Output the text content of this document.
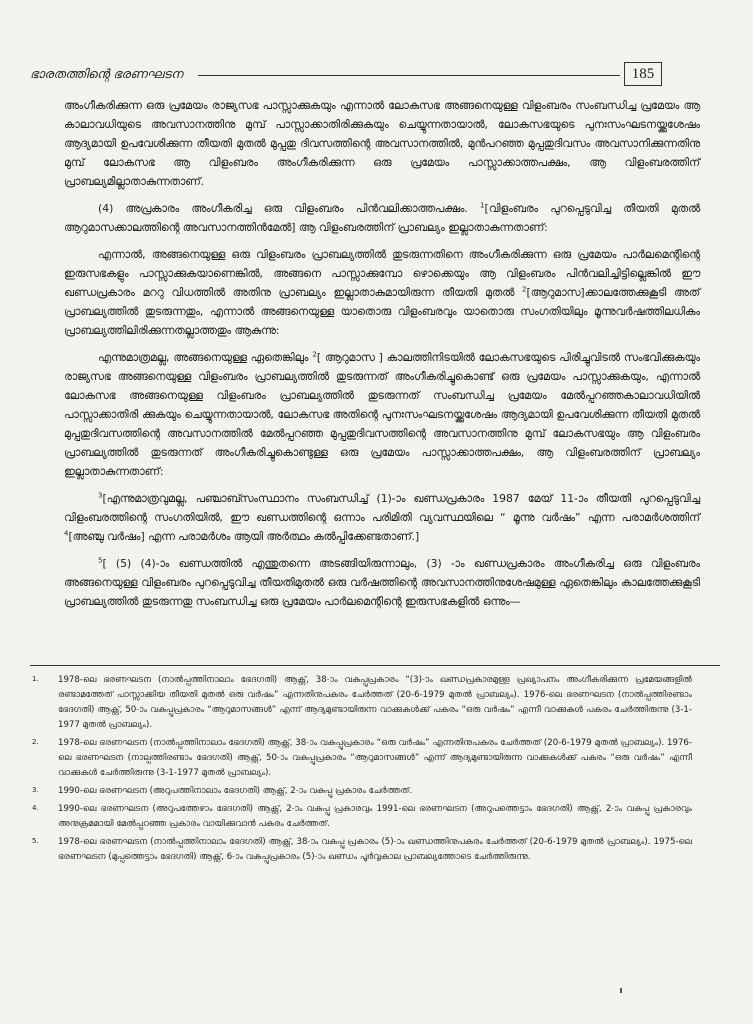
ഭാരതത്തിന്റെ ഭരണഘടന	185

അംഗീകരിക്കുന്ന ഒരു പ്രമേയം രാജ്യസഭ പാസ്സാക്കുകയും എന്നാൽ ലോകസഭ അങ്ങനെയുള്ള വിളംബരം സംബന്ധിച്ച പ്രമേയം ആ കാലാവധിയുടെ അവസാനത്തിനു മുമ്പ് പാസ്സാക്കാതിരിക്കുകയും ചെയ്യുന്നതായാൽ, ലോകസഭയുടെ പുനഃസംഘടനയ്ക്കുശേഷം ആദ്യമായി ഉപവേശിക്കുന്ന തീയതി മുതൽ മുപ്പതു ദിവസത്തിന്റെ അവസാനത്തിൽ, മുൻപറഞ്ഞ മുപ്പതുദിവസം അവസാനിക്കുന്നതിനു മുമ്പ് ലോകസഭ ആ വിളംബരം അംഗീകരിക്കുന്ന ഒരു പ്രമേയം പാസ്സാക്കാത്തപക്ഷം, ആ വിളംബരത്തിന് പ്രാബല്യമില്ലാതാകുന്നതാണ്.

(4) അപ്രകാരം അംഗീകരിച്ച ഒരു വിളംബരം പിൻവലിക്കാത്തപക്ഷം. $^1$[വിളംബരം പുറപ്പെടുവിച്ച തീയതി മുതൽ ആറുമാസക്കാലത്തിന്റെ അവസാനത്തിൻമേൽ] ആ വിളംബരത്തിന് പ്രാബല്യം ഇല്ലാതാകുന്നതാണ്:

എന്നാൽ, അങ്ങനെയുള്ള ഒരു വിളംബരം പ്രാബല്യത്തിൽ തുടരുന്നതിനെ അംഗീകരിക്കുന്ന ഒരു പ്രമേയം പാർലമെന്റിന്റെ ഇരുസഭകളും പാസ്സാക്കുകയാണെങ്കിൽ, അങ്ങനെ പാസ്സാക്കുമ്പോ ഴൊക്കെയും ആ വിളംബരം പിൻവലിച്ചിട്ടില്ലെങ്കിൽ ഈ ഖണ്ഡപ്രകാരം മററു വിധത്തിൽ അതിനു പ്രാബല്യം ഇല്ലാതാകുമായിരുന്ന തീയതി മുതൽ $^2$[ആറുമാസ]ക്കാലത്തേക്കുകൂടി അത് പ്രാബല്യത്തിൽ തുടരുന്നതും, എന്നാൽ അങ്ങനെയുള്ള യാതൊരു വിളംബരവും യാതൊരു സംഗതിയിലും മൂന്നുവർഷത്തിലധികം പ്രാബല്യത്തിലിരിക്കുന്നതല്ലാത്തതും ആകുന്നു:

എന്നുമാത്രമല്ല, അങ്ങനെയുള്ള ഏതെങ്കിലും $^2$[ ആറുമാസ ] കാലത്തിനിടയിൽ ലോകസഭയുടെ പിരിച്ചുവിടൽ സംഭവിക്കുകയും രാജ്യസഭ അങ്ങനെയുള്ള വിളംബരം പ്രാബല്യത്തിൽ തുടരുന്നത് അംഗീകരിച്ചുകൊണ്ട് ഒരു പ്രമേയം പാസ്സാക്കുകയും, എന്നാൽ ലോകസഭ അങ്ങനെയുള്ള വിളംബരം പ്രാബല്യത്തിൽ തുടരുന്നത് സംബന്ധിച്ച പ്രമേയം മേൽപ്പറഞ്ഞകാലാവധിയിൽ പാസ്സാക്കാതിരി ക്കുകയും ചെയ്യുന്നതായാൽ, ലോകസഭ അതിന്റെ പുനഃസംഘടനയ്ക്കുശേഷം ആദ്യമായി ഉപവേശിക്കുന്ന തീയതി മുതൽ മുപ്പതുദിവസത്തിന്റെ അവസാനത്തിൽ മേൽപ്പറഞ്ഞ മുപ്പതുദിവസത്തിന്റെ അവസാനത്തിനു മുമ്പ് ലോകസഭയും ആ വിളംബരം പ്രാബല്യത്തിൽ തുടരുന്നത് അംഗീകരിച്ചുകൊണ്ടുള്ള ഒരു പ്രമേയം പാസ്സാക്കാത്തപക്ഷം, ആ വിളംബരത്തിന് പ്രാബല്യം ഇല്ലാതാകുന്നതാണ്:

$^3$[എന്നുമാത്രവുമല്ല, പഞ്ചാബ്സംസ്ഥാനം സംബന്ധിച്ച് (1)-ാം ഖണ്ഡപ്രകാരം 1987 മേയ് 11-ാം തീയതി പുറപ്പെടുവിച്ച വിളംബരത്തിന്റെ സംഗതിയിൽ, ഈ ഖണ്ഡത്തിന്റെ ഒന്നാം പരിമിതി വ്യവസ്ഥയിലെ “ മൂന്നു വർഷം” എന്ന പരാമർശത്തിന് $^4$[അഞ്ചു വർഷം] എന്ന പരാമർശം ആയി അർത്ഥം കൽപ്പിക്കേണ്ടതാണ്.]

$^5$[ (5) (4)-ാം ഖണ്ഡത്തിൽ എന്തുതന്നെ അടങ്ങിയിരുന്നാലും, (3) -ാം ഖണ്ഡപ്രകാരം അംഗീകരിച്ച ഒരു വിളംബരം അങ്ങനെയുള്ള വിളംബരം പുറപ്പെടുവിച്ച തീയതിമുതൽ ഒരു വർഷത്തിന്റെ അവസാനത്തിനുശേഷമുള്ള ഏതെങ്കിലും കാലത്തേക്കുകൂടി പ്രാബല്യത്തിൽ തുടരുന്നതു സംബന്ധിച്ച ഒരു പ്രമേയം പാർലമെന്റിന്റെ ഇരുസഭകളിൽ ഒന്നും—

1.	1978-ലെ ഭരണഘടന (നാൽപ്പത്തിനാലാം ഭേദഗതി) ആക്റ്റ്, 38-ാം വകുപ്പുപ്രകാരം “(3)-ാം ഖണ്ഡപ്രകാരമുള്ള പ്രഖ്യാപനം അംഗീകരിക്കുന്ന പ്രമേയങ്ങളിൽ രണ്ടാമത്തേത് പാസ്സാക്കിയ തീയതി മുതൽ ഒരു വർഷം” എന്നതിനുപകരം ചേർത്തത് (20-6-1979 മുതൽ പ്രാബല്യം). 1976-ലെ ഭരണഘടന (നാൽപ്പത്തിരണ്ടാം ഭേദഗതി) ആക്റ്റ്, 50-ാം വകുപ്പുപ്രകാരം “ആറുമാസങ്ങൾ” എന്ന് ആദ്യമുണ്ടായിരുന്ന വാക്കുകൾക്ക് പകരം “ഒരു വർഷം” എന്നീ വാക്കുകൾ പകരം ചേർത്തിരുന്നു (3-1-1977 മുതൽ പ്രാബല്യം).
2.	1978-ലെ ഭരണഘടന (നാൽപ്പത്തിനാലാം ഭേദഗതി) ആക്റ്റ്, 38-ാം വകുപ്പുപ്രകാരം “ഒരു വർഷം” എന്നതിനുപകരം ചേർത്തത് (20-6-1979 മുതൽ പ്രാബല്യം). 1976-ലെ ഭരണഘടന (നാല്പത്തിരണ്ടാം ഭേദഗതി) ആക്റ്റ്, 50-ാം വകുപ്പുപ്രകാരം “ആറുമാസങ്ങൾ” എന്ന് ആദ്യമുണ്ടായിരുന്ന വാക്കുകൾക്ക് പകരം “ഒരു വർഷം” എന്നീ വാക്കുകൾ ചേർത്തിരുന്നു (3-1-1977 മുതൽ പ്രാബല്യം).
3.	1990-ലെ ഭരണഘടന (അറുപത്തിനാലാം ഭേദഗതി) ആക്റ്റ്, 2-ാം വകുപ്പു പ്രകാരം ചേർത്തത്.
4.	1990-ലെ ഭരണഘടന (അറുപത്തേഴാം ഭേദഗതി) ആക്റ്റ്, 2-ാം വകുപ്പു പ്രകാരവും 1991-ലെ ഭരണഘടന (അറുപത്തെട്ടാം ഭേദഗതി) ആക്റ്റ്, 2-ാം വകുപ്പു പ്രകാരവും അനുക്രമമായി മേൽപ്പറഞ്ഞ പ്രകാരം വായിക്കുവാൻ പകരം ചേർത്തത്.
5.	1978-ലെ ഭരണഘടന (നാൽപ്പത്തിനാലാം ഭേദഗതി) ആക്റ്റ്, 38-ാം വകുപ്പു പ്രകാരം (5)-ാം ഖണ്ഡത്തിനുപകരം ചേർത്തത് (20-6-1979 മുതൽ പ്രാബല്യം). 1975-ലെ ഭരണഘടന (മുപ്പത്തെട്ടാം ഭേദഗതി) ആക്റ്റ്, 6-ാം വകുപ്പുപ്രകാരം (5)-ാം ഖണ്ഡം പൂർവ്വകാല പ്രാബല്യത്തോടെ ചേർത്തിരുന്നു.
